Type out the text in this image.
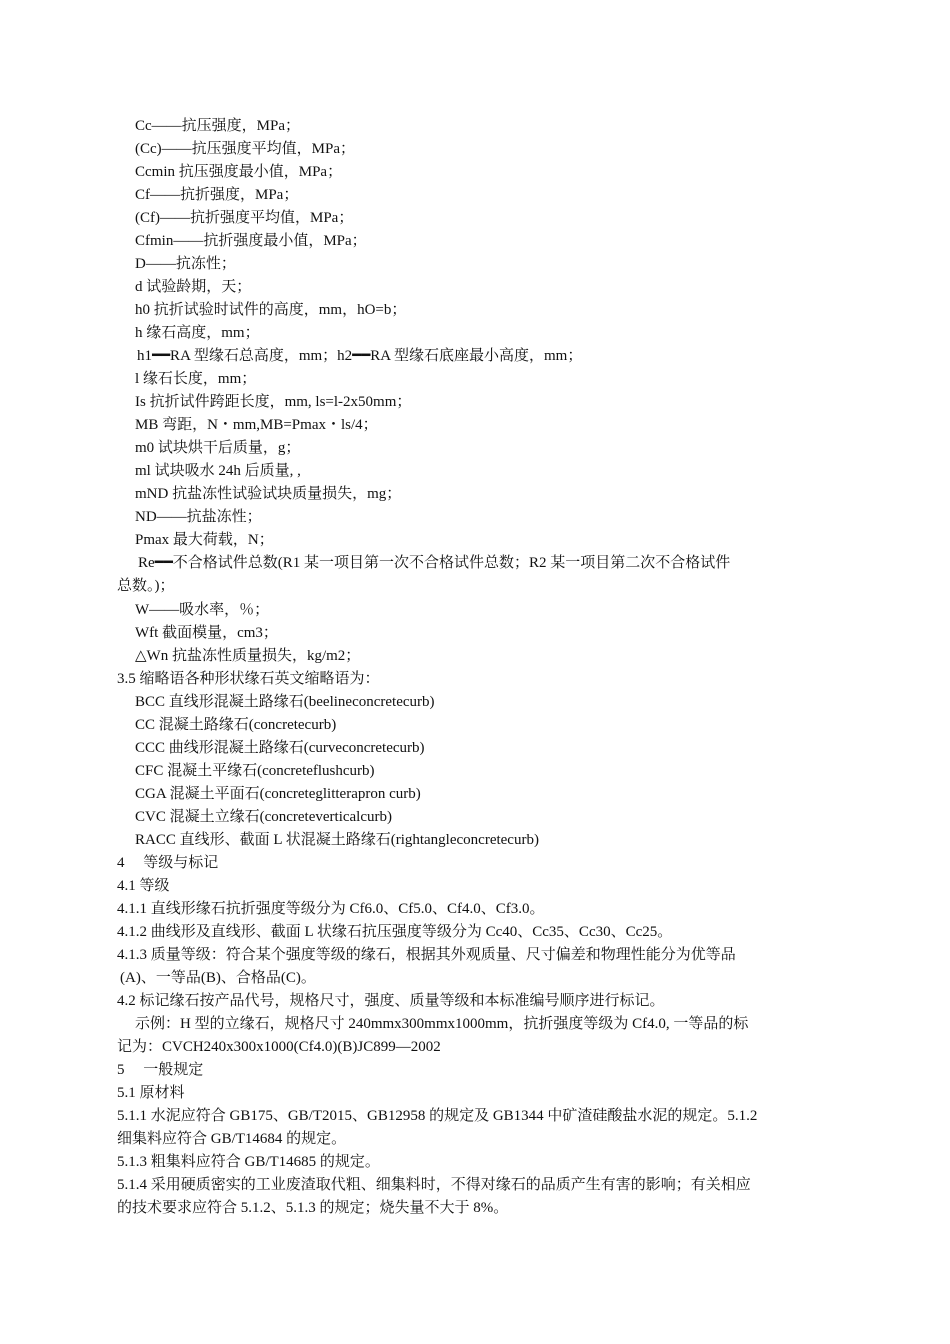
Cc——抗压强度，MPa；
(Cc)——抗压强度平均值，MPa；
Ccmin 抗压强度最小值，MPa；
Cf——抗折强度，MPa；
(Cf)——抗折强度平均值，MPa；
Cfmin——抗折强度最小值，MPa；
D——抗冻性；
d 试验龄期，天；
h0 抗折试验时试件的高度，mm，hO=b；
h 缘石高度，mm；
h1━━RA 型缘石总高度，mm；h2━━RA 型缘石底座最小高度，mm；
l 缘石长度，mm；
Is 抗折试件跨距长度，mm, ls=l-2x50mm；
MB 弯距，N・mm,MB=Pmax・ls/4；
m0 试块烘干后质量，g；
ml 试块吸水 24h 后质量, ,
mND 抗盐冻性试验试块质量损失，mg；
ND——抗盐冻性；
Pmax 最大荷载，N；
Re━━不合格试件总数(R1 某一项目第一次不合格试件总数；R2 某一项目第二次不合格试件
总数。)；
W——吸水率，％；
Wft 截面模量，cm3；
△Wn 抗盐冻性质量损失，kg/m2；
3.5 缩略语各种形状缘石英文缩略语为：
BCC 直线形混凝土路缘石(beelineconcretecurb)
CC 混凝土路缘石(concretecurb)
CCC 曲线形混凝土路缘石(curveconcretecurb)
CFC 混凝土平缘石(concreteflushcurb)
CGA 混凝土平面石(concreteglitterapron curb)
CVC 混凝土立缘石(concreteverticalcurb)
RACC 直线形、截面 L 状混凝土路缘石(rightangleconcretecurb)
4　 等级与标记
4.1 等级
4.1.1 直线形缘石抗折强度等级分为 Cf6.0、Cf5.0、Cf4.0、Cf3.0。
4.1.2 曲线形及直线形、截面 L 状缘石抗压强度等级分为 Cc40、Cc35、Cc30、Cc25。
4.1.3 质量等级：符合某个强度等级的缘石，根据其外观质量、尺寸偏差和物理性能分为优等品
(A)、一等品(B)、合格品(C)。
4.2 标记缘石按产品代号，规格尺寸，强度、质量等级和本标准编号顺序进行标记。
示例：H 型的立缘石，规格尺寸 240mmx300mmx1000mm，抗折强度等级为 Cf4.0, 一等品的标
记为：CVCH240x300x1000(Cf4.0)(B)JC899—2002
5　 一般规定
5.1 原材料
5.1.1 水泥应符合 GB175、GB/T2015、GB12958 的规定及 GB1344 中矿渣硅酸盐水泥的规定。5.1.2
细集料应符合 GB/T14684 的规定。
5.1.3 粗集料应符合 GB/T14685 的规定。
5.1.4 采用硬质密实的工业废渣取代粗、细集料时，不得对缘石的品质产生有害的影响；有关相应
的技术要求应符合 5.1.2、5.1.3 的规定；烧失量不大于 8%。
